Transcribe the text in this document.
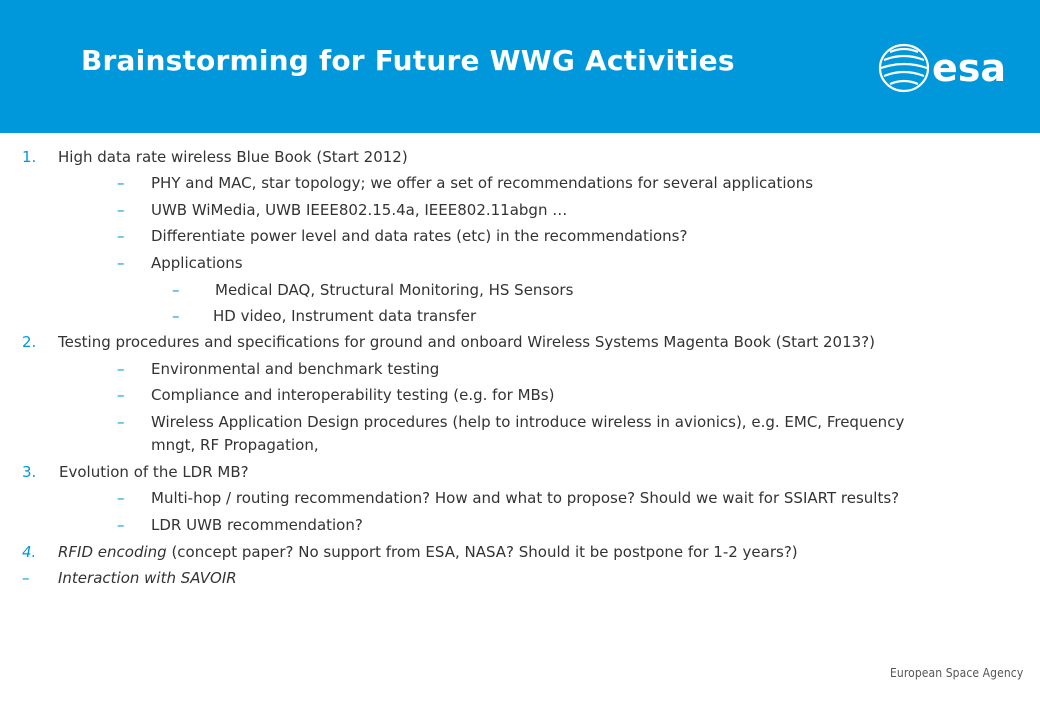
Brainstorming for Future WWG Activities	esa
1. High data rate wireless Blue Book (Start 2012)
– PHY and MAC, star topology; we offer a set of recommendations for several applications
– UWB WiMedia, UWB IEEE802.15.4a, IEEE802.11abgn …
– Differentiate power level and data rates (etc) in the recommendations?
– Applications
– Medical DAQ, Structural Monitoring, HS Sensors
– HD video, Instrument data transfer
2. Testing procedures and specifications for ground and onboard Wireless Systems Magenta Book (Start 2013?)
– Environmental and benchmark testing
– Compliance and interoperability testing (e.g. for MBs)
– Wireless Application Design procedures (help to introduce wireless in avionics), e.g. EMC, Frequency
mngt, RF Propagation,
3. Evolution of the LDR MB?
– Multi-hop / routing recommendation? How and what to propose? Should we wait for SSIART results?
– LDR UWB recommendation?
4. RFID encoding (concept paper? No support from ESA, NASA? Should it be postpone for 1-2 years?)
– Interaction with SAVOIR
European Space Agency
